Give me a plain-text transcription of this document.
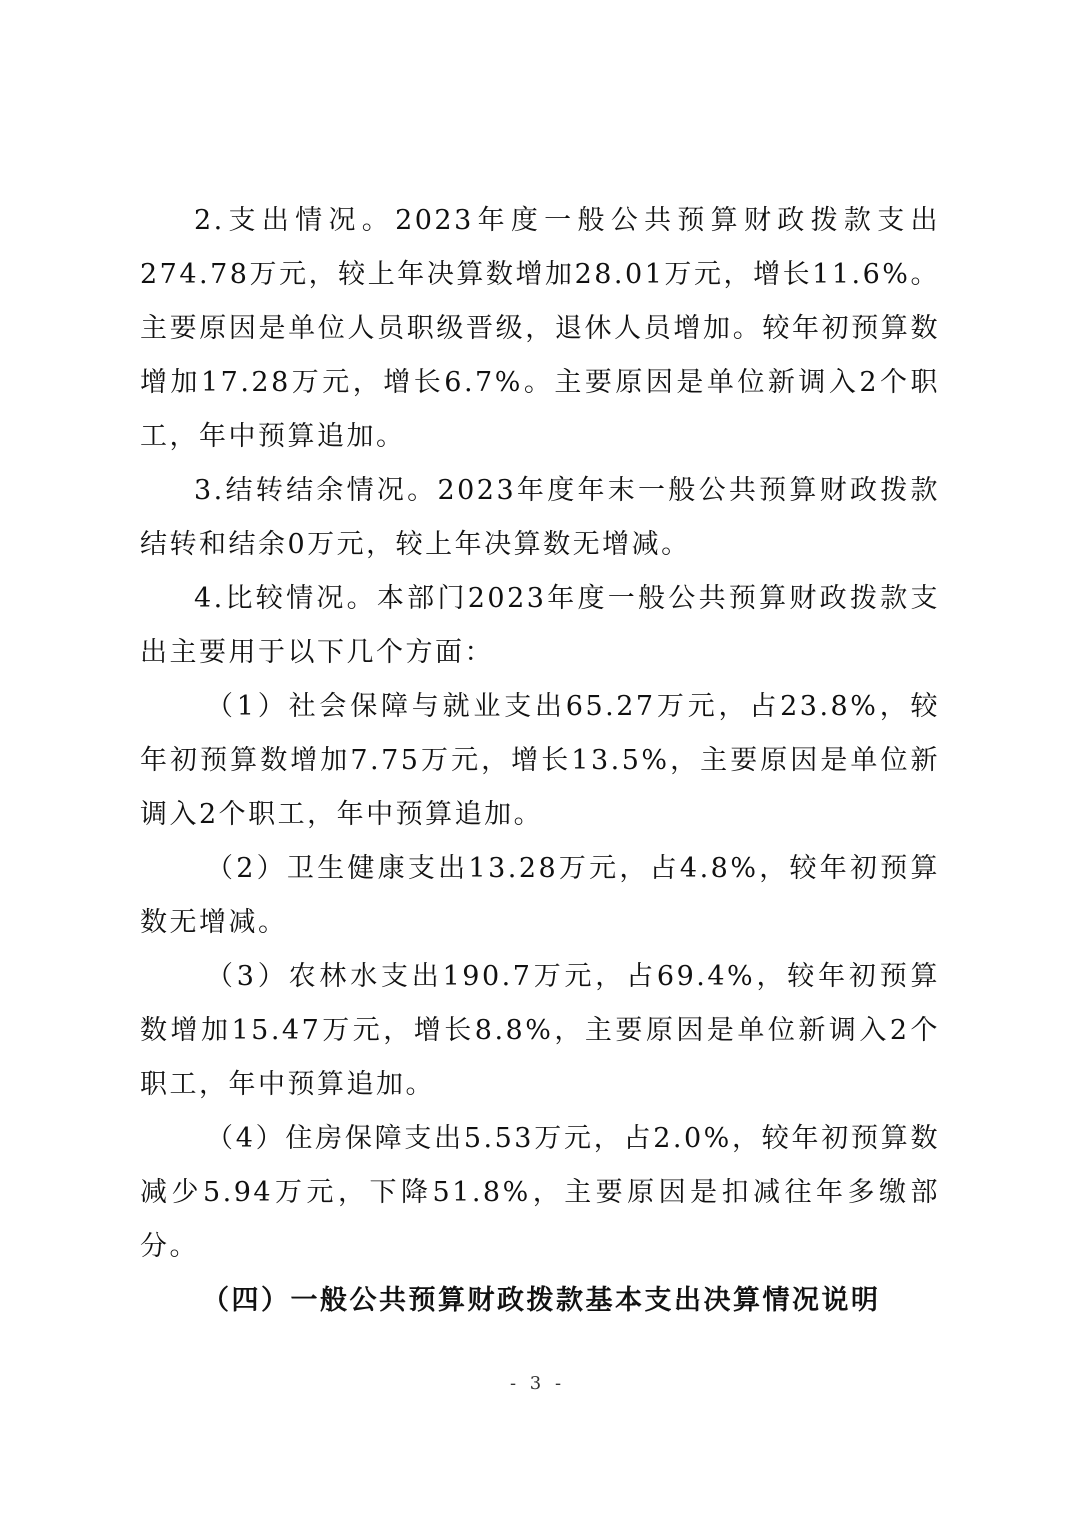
2.支出情况。2023年度一般公共预算财政拨款支出274.78万元，较上年决算数增加28.01万元，增长11.6%。主要原因是单位人员职级晋级，退休人员增加。较年初预算数增加17.28万元，增长6.7%。主要原因是单位新调入2个职工，年中预算追加。

3.结转结余情况。2023年度年末一般公共预算财政拨款结转和结余0万元，较上年决算数无增减。

4.比较情况。本部门2023年度一般公共预算财政拨款支出主要用于以下几个方面：

（1）社会保障与就业支出65.27万元，占23.8%，较年初预算数增加7.75万元，增长13.5%，主要原因是单位新调入2个职工，年中预算追加。

（2）卫生健康支出13.28万元，占4.8%，较年初预算数无增减。

（3）农林水支出190.7万元，占69.4%，较年初预算数增加15.47万元，增长8.8%，主要原因是单位新调入2个职工，年中预算追加。

（4）住房保障支出5.53万元，占2.0%，较年初预算数减少5.94万元，下降51.8%，主要原因是扣减往年多缴部分。

（四）一般公共预算财政拨款基本支出决算情况说明

- 3 -
